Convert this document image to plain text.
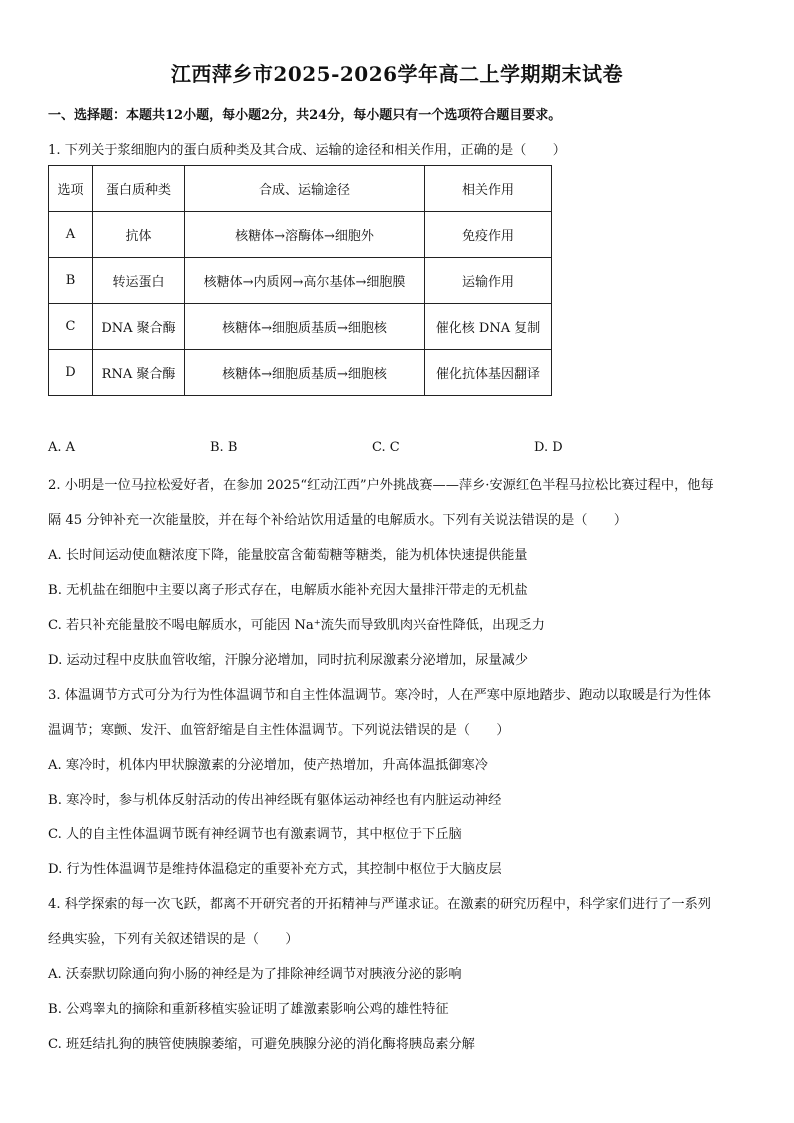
江西萍乡市2025-2026学年高二上学期期末试卷
一、选择题：本题共12小题，每小题2分，共24分，每小题只有一个选项符合题目要求。
1. 下列关于浆细胞内的蛋白质种类及其合成、运输的途径和相关作用，正确的是（　　）
选项	蛋白质种类	合成、运输途径	相关作用
A	抗体	核糖体→溶酶体→细胞外	免疫作用
B	转运蛋白	核糖体→内质网→高尔基体→细胞膜	运输作用
C	DNA 聚合酶	核糖体→细胞质基质→细胞核	催化核 DNA 复制
D	RNA 聚合酶	核糖体→细胞质基质→细胞核	催化抗体基因翻译
A. A	B. B	C. C	D. D
2. 小明是一位马拉松爱好者，在参加 2025“红动江西”户外挑战赛——萍乡·安源红色半程马拉松比赛过程中，他每
隔 45 分钟补充一次能量胶，并在每个补给站饮用适量的电解质水。下列有关说法错误的是（　　）
A. 长时间运动使血糖浓度下降，能量胶富含葡萄糖等糖类，能为机体快速提供能量
B. 无机盐在细胞中主要以离子形式存在，电解质水能补充因大量排汗带走的无机盐
C. 若只补充能量胶不喝电解质水，可能因 Na⁺流失而导致肌肉兴奋性降低，出现乏力
D. 运动过程中皮肤血管收缩，汗腺分泌增加，同时抗利尿激素分泌增加，尿量减少
3. 体温调节方式可分为行为性体温调节和自主性体温调节。寒冷时，人在严寒中原地踏步、跑动以取暖是行为性体
温调节；寒颤、发汗、血管舒缩是自主性体温调节。下列说法错误的是（　　）
A. 寒冷时，机体内甲状腺激素的分泌增加，使产热增加，升高体温抵御寒冷
B. 寒冷时，参与机体反射活动的传出神经既有躯体运动神经也有内脏运动神经
C. 人的自主性体温调节既有神经调节也有激素调节，其中枢位于下丘脑
D. 行为性体温调节是维持体温稳定的重要补充方式，其控制中枢位于大脑皮层
4. 科学探索的每一次飞跃，都离不开研究者的开拓精神与严谨求证。在激素的研究历程中，科学家们进行了一系列
经典实验，下列有关叙述错误的是（　　）
A. 沃泰默切除通向狗小肠的神经是为了排除神经调节对胰液分泌的影响
B. 公鸡睾丸的摘除和重新移植实验证明了雄激素影响公鸡的雄性特征
C. 班廷结扎狗的胰管使胰腺萎缩，可避免胰腺分泌的消化酶将胰岛素分解
